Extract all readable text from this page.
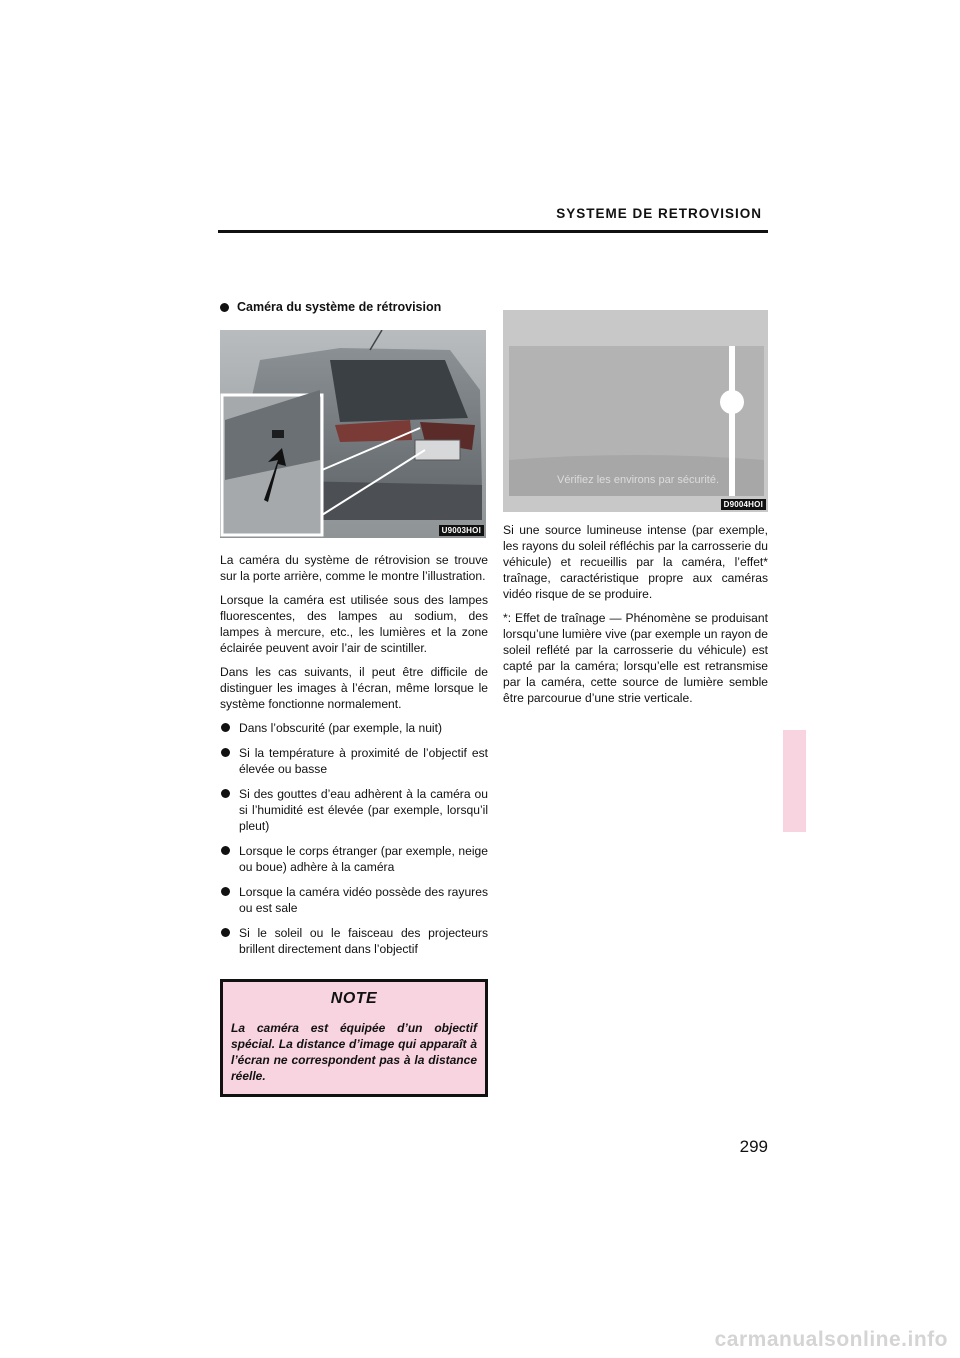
SYSTEME DE RETROVISION
Caméra du système de rétrovision
U9003HOI

La caméra du système de rétrovision se trouve sur la porte arrière, comme le montre l’illustration.

Lorsque la caméra est utilisée sous des lampes fluorescentes, des lampes au sodium, des lampes à mercure, etc., les lumières et la zone éclairée peuvent avoir l’air de scintiller.

Dans les cas suivants, il peut être difficile de distinguer les images à l’écran, même lorsque le système fonctionne normalement.

Dans l’obscurité (par exemple, la nuit)
Si la température à proximité de l’objectif est élevée ou basse
Si des gouttes d’eau adhèrent à la caméra ou si l’humidité est élevée (par exemple, lorsqu’il pleut)
Lorsque le corps étranger (par exemple, neige ou boue) adhère à la caméra
Lorsque la caméra vidéo possède des rayures ou est sale
Si le soleil ou le faisceau des projecteurs brillent directement dans l’objectif
NOTE
La caméra est équipée d’un objectif spécial. La distance d’image qui apparaît à l’écran ne correspondent pas à la distance réelle.
Vérifiez les environs par sécurité.
D9004HOI

Si une source lumineuse intense (par exemple, les rayons du soleil réfléchis par la carrosserie du véhicule) et recueillis par la caméra, l’effet* traînage, caractéristique propre aux caméras vidéo risque de se produire.

*: Effet de traînage — Phénomène se produisant lorsqu’une lumière vive (par exemple un rayon de soleil reflété par la carrosserie du véhicule) est capté par la caméra; lorsqu’elle est retransmise par la caméra, cette source de lumière semble être parcourue d’une strie verticale.

299
carmanualsonline.info
